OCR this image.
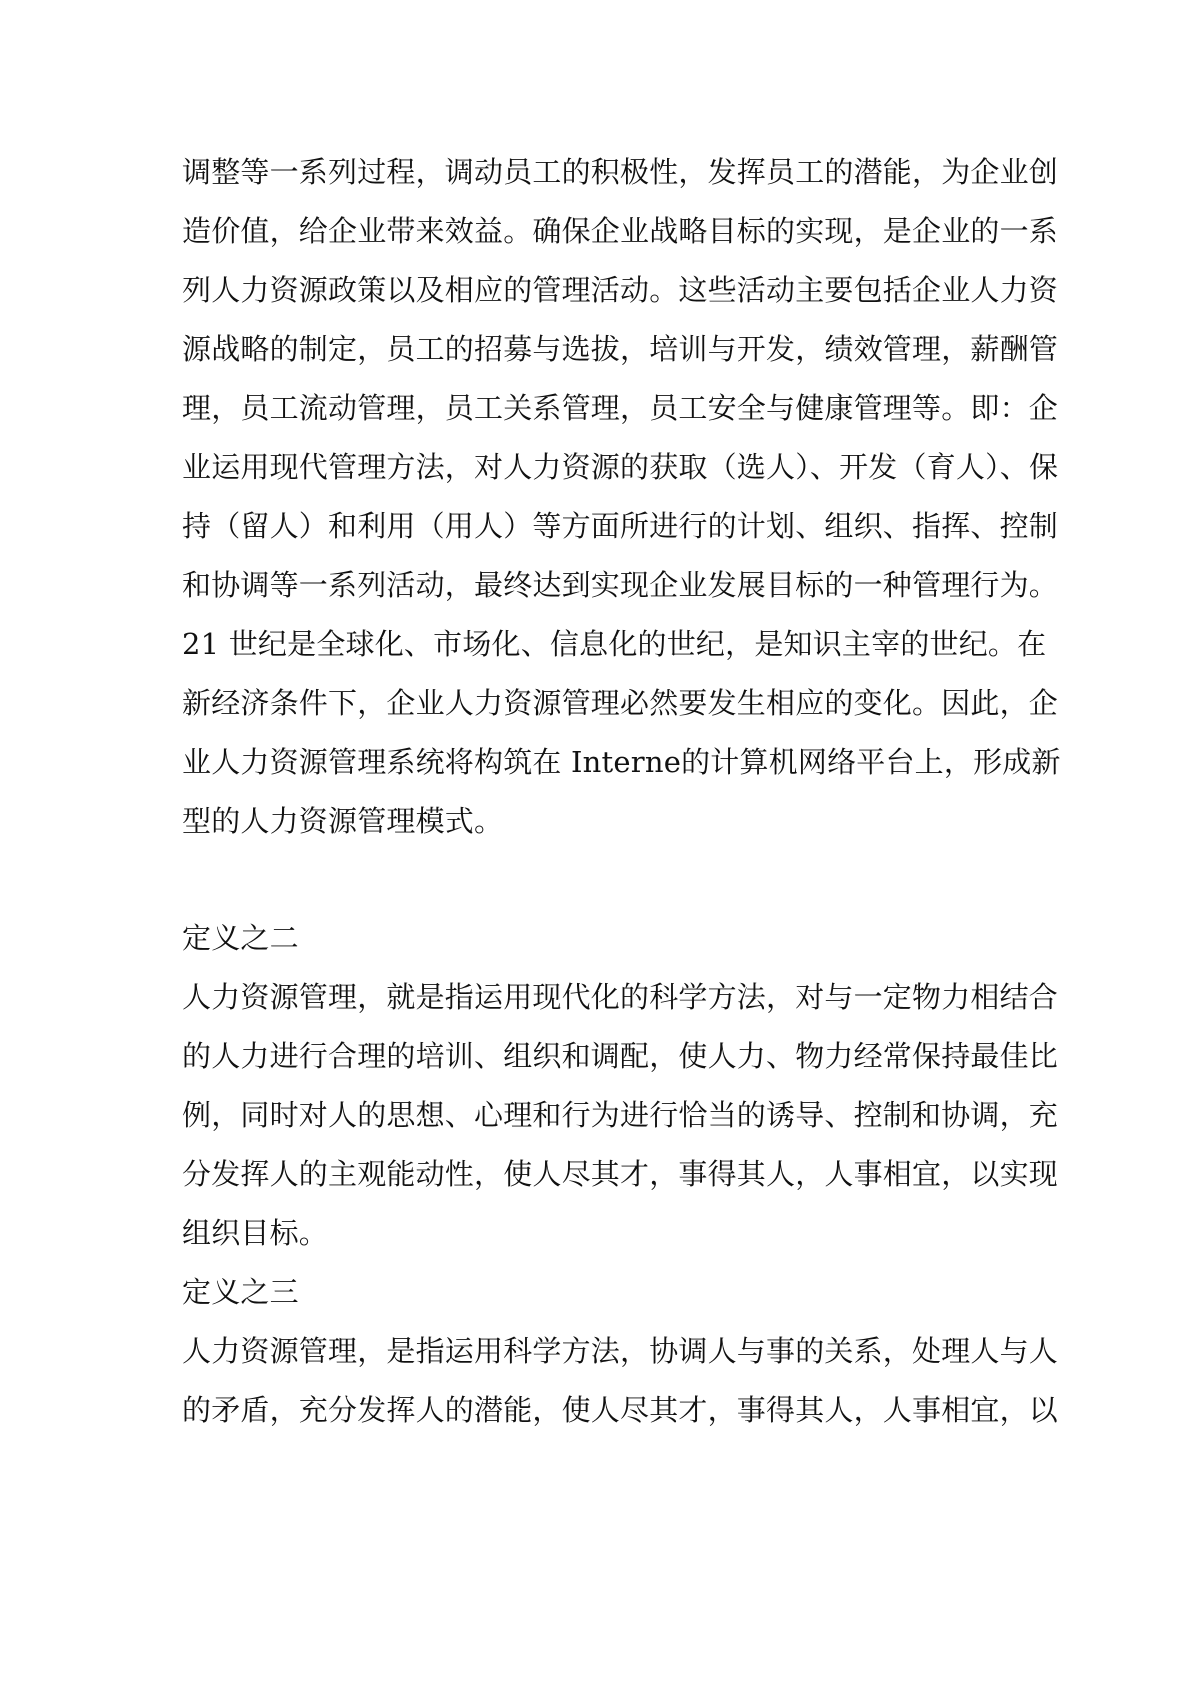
调整等一系列过程，调动员工的积极性，发挥员工的潜能，为企业创
造价值，给企业带来效益。确保企业战略目标的实现，是企业的一系
列人力资源政策以及相应的管理活动。这些活动主要包括企业人力资
源战略的制定，员工的招募与选拔，培训与开发，绩效管理，薪酬管
理，员工流动管理，员工关系管理，员工安全与健康管理等。即：企
业运用现代管理方法，对人力资源的获取（选人）、开发（育人）、保
持（留人）和利用（用人）等方面所进行的计划、组织、指挥、控制
和协调等一系列活动，最终达到实现企业发展目标的一种管理行为。
21 世纪是全球化、市场化、信息化的世纪，是知识主宰的世纪。在
新经济条件下，企业人力资源管理必然要发生相应的变化。因此，企
业人力资源管理系统将构筑在 Interne的计算机网络平台上，形成新
型的人力资源管理模式。
定义之二
人力资源管理，就是指运用现代化的科学方法，对与一定物力相结合
的人力进行合理的培训、组织和调配，使人力、物力经常保持最佳比
例，同时对人的思想、心理和行为进行恰当的诱导、控制和协调，充
分发挥人的主观能动性，使人尽其才，事得其人，人事相宜，以实现
组织目标。
定义之三
人力资源管理，是指运用科学方法，协调人与事的关系，处理人与人
的矛盾，充分发挥人的潜能，使人尽其才，事得其人，人事相宜，以
